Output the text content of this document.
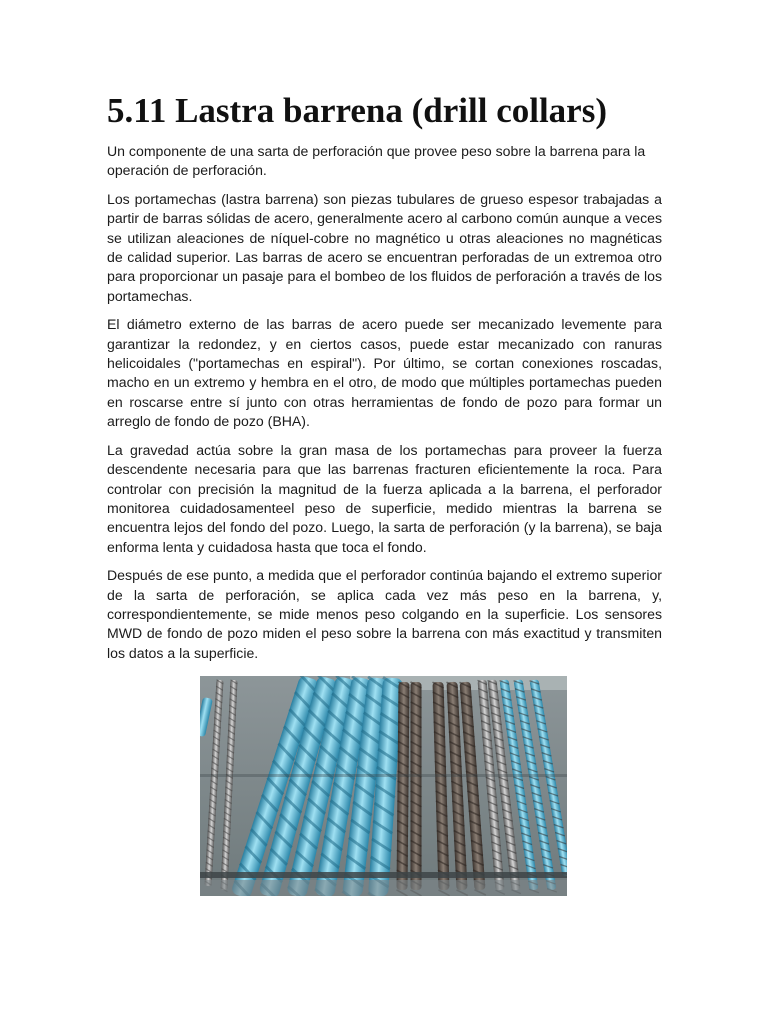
5.11 Lastra barrena (drill collars)

Un componente de una sarta de perforación que provee peso sobre la barrena para la operación de perforación.

Los portamechas (lastra barrena) son piezas tubulares de grueso espesor trabajadas a partir de barras sólidas de acero, generalmente acero al carbono común aunque a veces se utilizan aleaciones de níquel-cobre no magnético u otras aleaciones no magnéticas de calidad superior. Las barras de acero se encuentran perforadas de un extremoa otro para proporcionar un pasaje para el bombeo de los fluidos de perforación a través de los portamechas.

El diámetro externo de las barras de acero puede ser mecanizado levemente para garantizar la redondez, y en ciertos casos, puede estar mecanizado con ranuras helicoidales ("portamechas en espiral"). Por último, se cortan conexiones roscadas, macho en un extremo y hembra en el otro, de modo que múltiples portamechas pueden en roscarse entre sí junto con otras herramientas de fondo de pozo para formar un arreglo de fondo de pozo (BHA).

La gravedad actúa sobre la gran masa de los portamechas para proveer la fuerza descendente necesaria para que las barrenas fracturen eficientemente la roca. Para controlar con precisión la magnitud de la fuerza aplicada a la barrena, el perforador monitorea cuidadosamenteel peso de superficie, medido mientras la barrena se encuentra lejos del fondo del pozo. Luego, la sarta de perforación (y la barrena), se baja enforma lenta y cuidadosa hasta que toca el fondo.

Después de ese punto, a medida que el perforador continúa bajando el extremo superior de la sarta de perforación, se aplica cada vez más peso en la barrena, y, correspondientemente, se mide menos peso colgando en la superficie. Los sensores MWD de fondo de pozo miden el peso sobre la barrena con más exactitud y transmiten los datos a la superficie.
